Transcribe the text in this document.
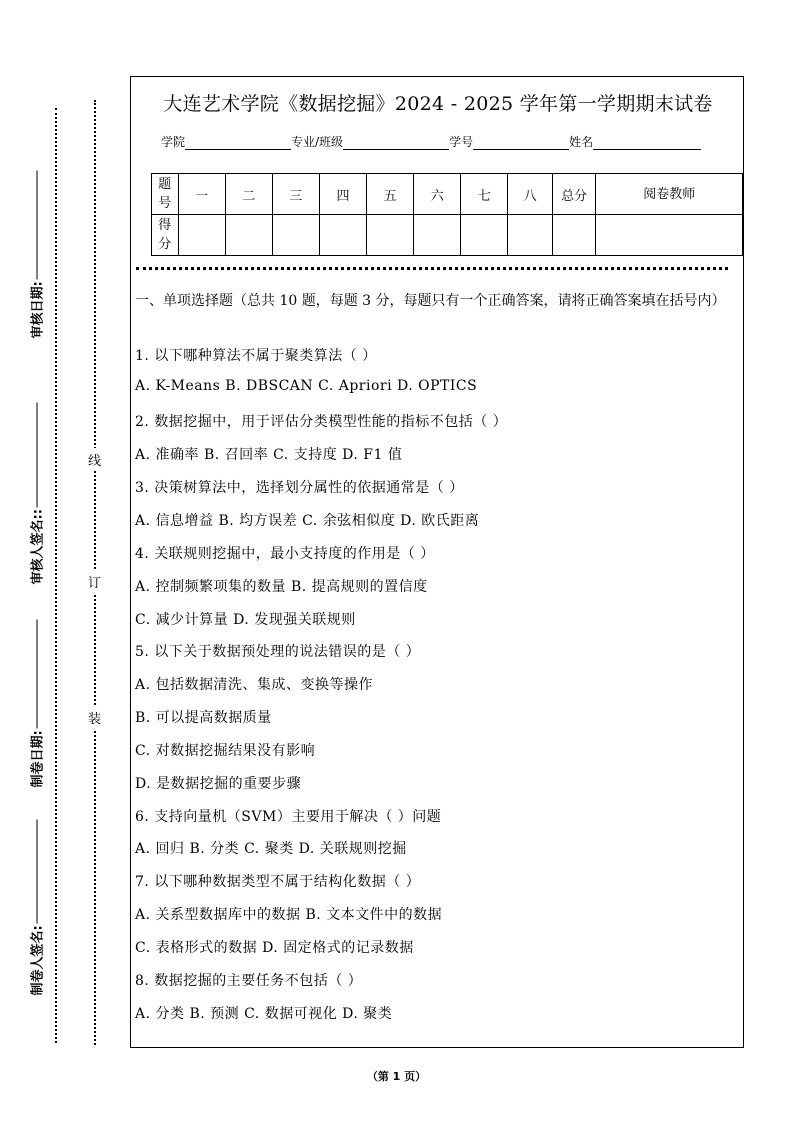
审核日期:
审核人签名::
制卷日期:
制卷人签名:
线
订
装
大连艺术学院《数据挖掘》2024 - 2025 学年第一学期期末试卷
学院	专业/班级	学号	姓名
题号	一	二	三	四	五	六	七	八	总分	阅卷教师
得分										
一、单项选择题（总共 10 题，每题 3 分，每题只有一个正确答案，请将正确答案填在括号内）
1. 以下哪种算法不属于聚类算法（ ）
A. K-Means B. DBSCAN C. Apriori D. OPTICS
2. 数据挖掘中，用于评估分类模型性能的指标不包括（ ）
A. 准确率 B. 召回率 C. 支持度 D. F1 值
3. 决策树算法中，选择划分属性的依据通常是（ ）
A. 信息增益 B. 均方误差 C. 余弦相似度 D. 欧氏距离
4. 关联规则挖掘中，最小支持度的作用是（ ）
A. 控制频繁项集的数量 B. 提高规则的置信度
C. 减少计算量 D. 发现强关联规则
5. 以下关于数据预处理的说法错误的是（ ）
A. 包括数据清洗、集成、变换等操作
B. 可以提高数据质量
C. 对数据挖掘结果没有影响
D. 是数据挖掘的重要步骤
6. 支持向量机（SVM）主要用于解决（ ）问题
A. 回归 B. 分类 C. 聚类 D. 关联规则挖掘
7. 以下哪种数据类型不属于结构化数据（ ）
A. 关系型数据库中的数据 B. 文本文件中的数据
C. 表格形式的数据 D. 固定格式的记录数据
8. 数据挖掘的主要任务不包括（ ）
A. 分类 B. 预测 C. 数据可视化 D. 聚类
（第 1 页）
